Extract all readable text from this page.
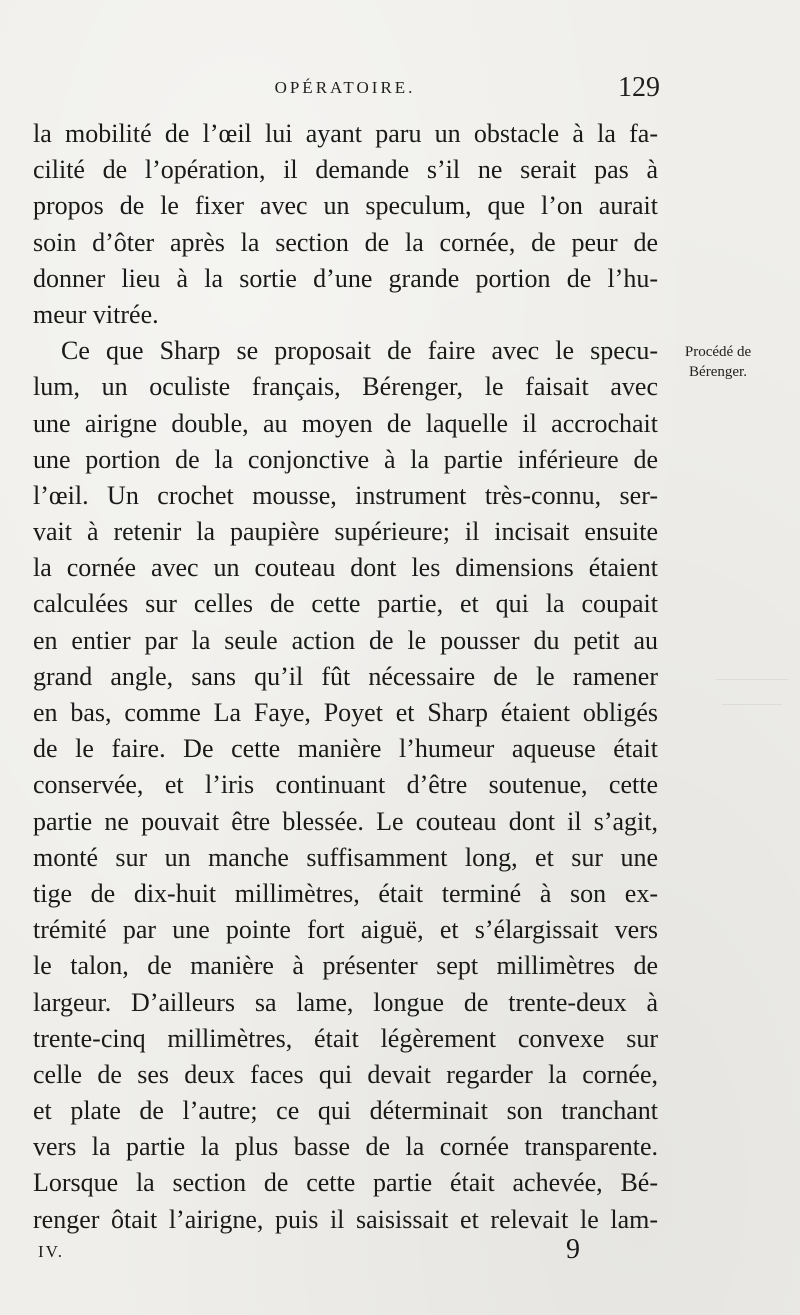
OPÉRATOIRE.	129
la mobilité de l’œil lui ayant paru un obstacle à la fa-
cilité de l’opération, il demande s’il ne serait pas à
propos de le fixer avec un speculum, que l’on aurait
soin d’ôter après la section de la cornée, de peur de
donner lieu à la sortie d’une grande portion de l’hu-
meur vitrée.
Ce que Sharp se proposait de faire avec le specu-
lum, un oculiste français, Bérenger, le faisait avec
une airigne double, au moyen de laquelle il accrochait
une portion de la conjonctive à la partie inférieure de
l’œil. Un crochet mousse, instrument très-connu, ser-
vait à retenir la paupière supérieure; il incisait ensuite
la cornée avec un couteau dont les dimensions étaient
calculées sur celles de cette partie, et qui la coupait
en entier par la seule action de le pousser du petit au
grand angle, sans qu’il fût nécessaire de le ramener
en bas, comme La Faye, Poyet et Sharp étaient obligés
de le faire. De cette manière l’humeur aqueuse était
conservée, et l’iris continuant d’être soutenue, cette
partie ne pouvait être blessée. Le couteau dont il s’agit,
monté sur un manche suffisamment long, et sur une
tige de dix-huit millimètres, était terminé à son ex-
trémité par une pointe fort aiguë, et s’élargissait vers
le talon, de manière à présenter sept millimètres de
largeur. D’ailleurs sa lame, longue de trente-deux à
trente-cinq millimètres, était légèrement convexe sur
celle de ses deux faces qui devait regarder la cornée,
et plate de l’autre; ce qui déterminait son tranchant
vers la partie la plus basse de la cornée transparente.
Lorsque la section de cette partie était achevée, Bé-
renger ôtait l’airigne, puis il saisissait et relevait le lam-
Procédé de
Bérenger.
IV.	9
